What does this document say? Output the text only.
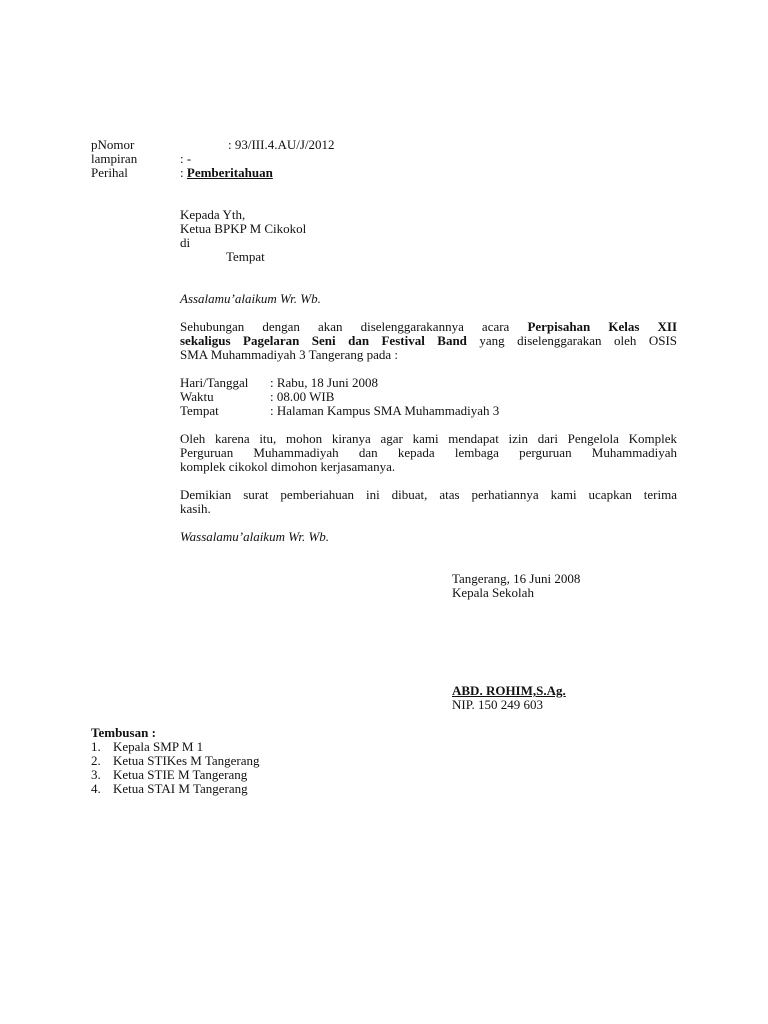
pNomor	: 93/III.4.AU/J/2012
lampiran	: -
Perihal	: Pemberitahuan
Kepada Yth,
Ketua BPKP M Cikokol
di
Tempat
Assalamu’alaikum Wr. Wb.
Sehubungan dengan akan diselenggarakannya acara Perpisahan Kelas XII
sekaligus Pagelaran Seni dan Festival Band yang diselenggarakan oleh OSIS
SMA Muhammadiyah 3 Tangerang pada :
Hari/Tanggal : Rabu, 18 Juni 2008
Waktu	: 08.00 WIB
Tempat	: Halaman Kampus SMA Muhammadiyah 3
Oleh karena itu, mohon kiranya agar kami mendapat izin dari Pengelola Komplek
Perguruan Muhammadiyah dan kepada lembaga perguruan Muhammadiyah
komplek cikokol dimohon kerjasamanya.
Demikian surat pemberiahuan ini dibuat, atas perhatiannya kami ucapkan terima
kasih.
Wassalamu’alaikum Wr. Wb.
Tangerang, 16 Juni 2008
Kepala Sekolah
ABD. ROHIM,S.Ag.
NIP. 150 249 603
Tembusan :
1. Kepala SMP M 1
2. Ketua STIKes M Tangerang
3. Ketua STIE M Tangerang
4. Ketua STAI M Tangerang
